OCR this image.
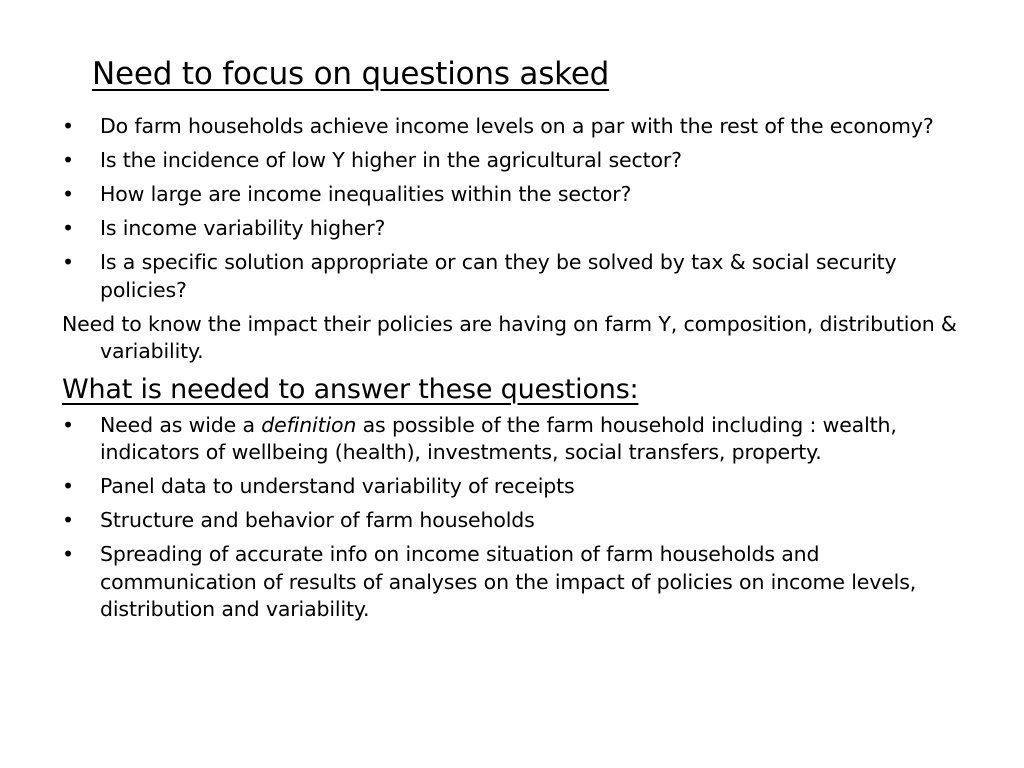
Need to focus on questions asked
• Do farm households achieve income levels on a par with the rest of the economy?
• Is the incidence of low Y higher in the agricultural sector?
• How large are income inequalities within the sector?
• Is income variability higher?
• Is a specific solution appropriate or can they be solved by tax & social security policies?
Need to know the impact their policies are having on farm Y, composition, distribution & variability.
What is needed to answer these questions:
• Need as wide a definition as possible of the farm household including : wealth, indicators of wellbeing (health), investments, social transfers, property.
• Panel data to understand variability of receipts
• Structure and behavior of farm households
• Spreading of accurate info on income situation of farm households and communication of results of analyses on the impact of policies on income levels, distribution and variability.
